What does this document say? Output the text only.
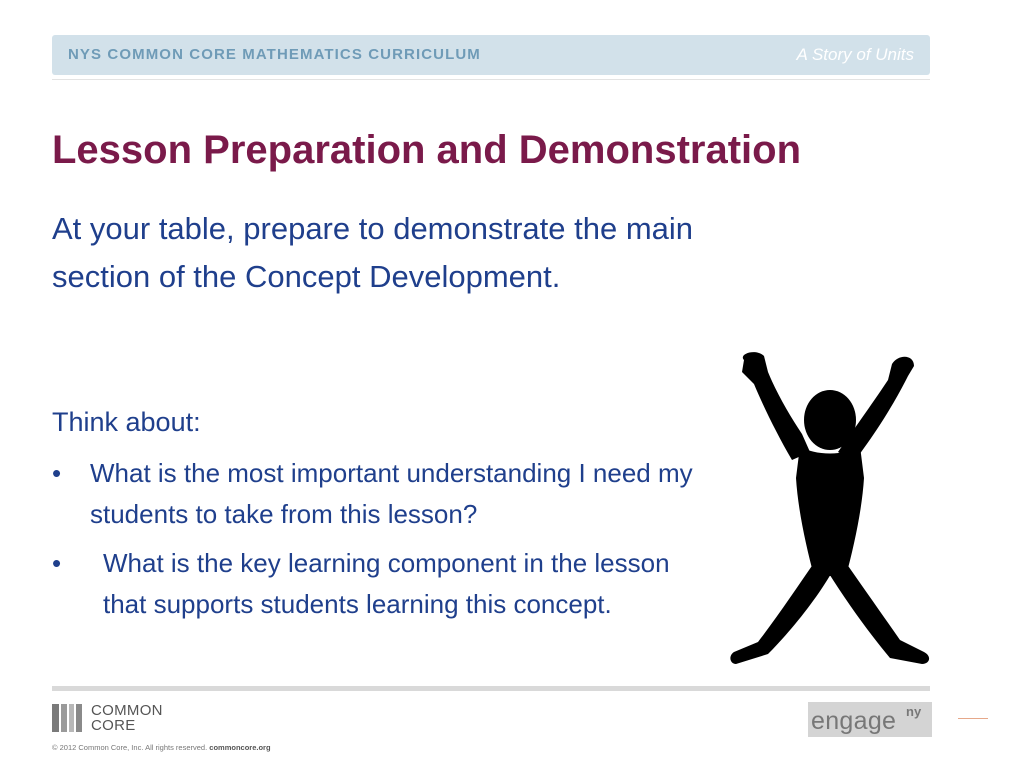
NYS COMMON CORE MATHEMATICS CURRICULUM	A Story of Units
Lesson Preparation and Demonstration

At your table, prepare to demonstrate the main section of the Concept Development.

Think about:

• What is the most important understanding I need my students to take from this lesson?
• What is the key learning component in the lesson that supports students learning this concept.
COMMON
CORE
© 2012 Common Core, Inc. All rights reserved. commoncore.org
engage ny
